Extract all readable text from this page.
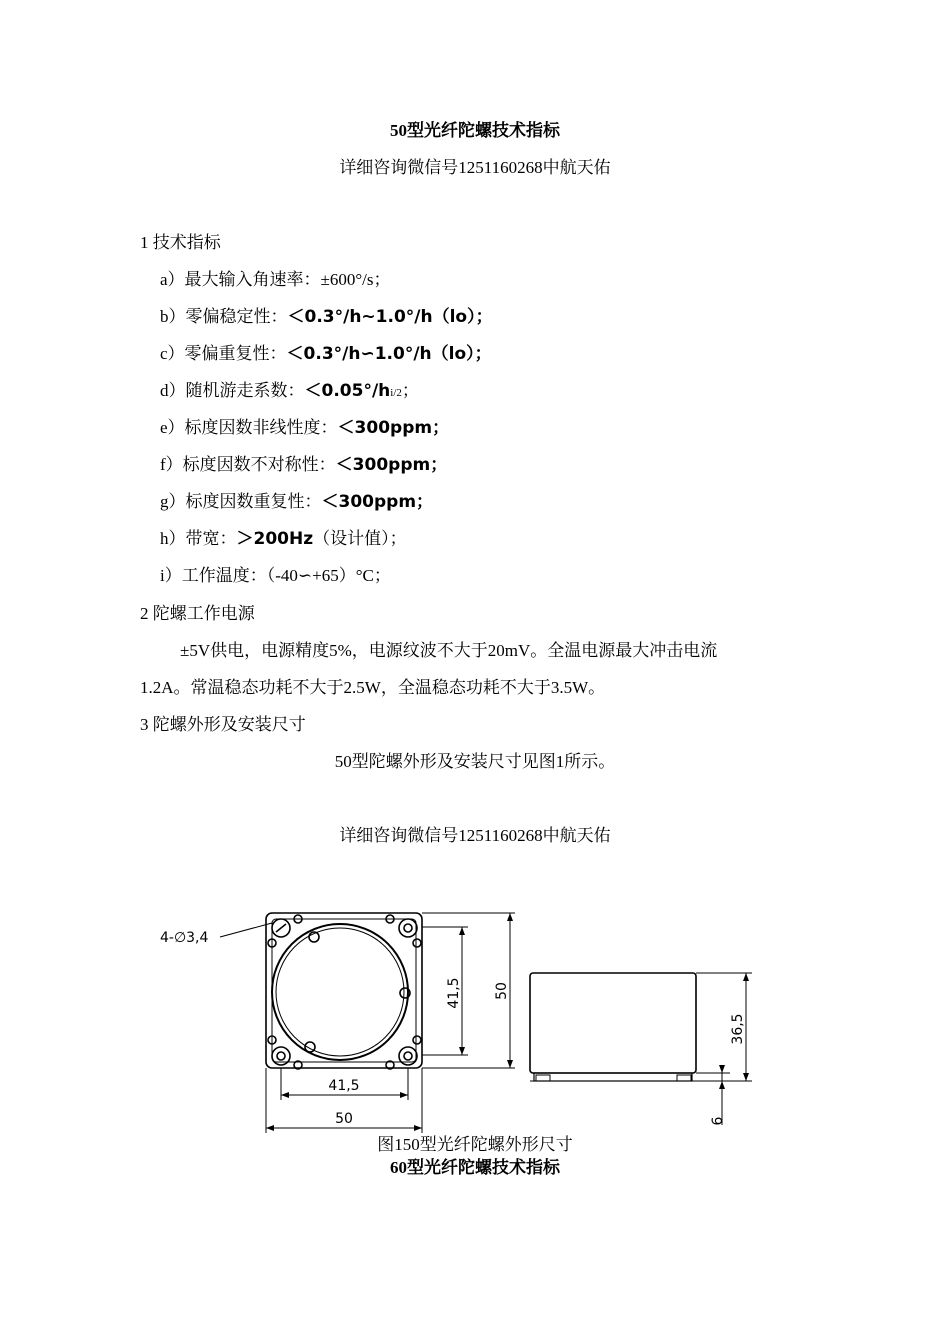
50型光纤陀螺技术指标
详细咨询微信号1251160268中航天佑
1 技术指标
a）最大输入角速率：±600°/s；
b）零偏稳定性：＜0.3°/h~1.0°/h（lo）；
c）零偏重复性：＜0.3°/h∽1.0°/h（lo）；
d）随机游走系数：＜0.05°/hi/2；
e）标度因数非线性度：＜300ppm；
f）标度因数不对称性：＜300ppm；
g）标度因数重复性：＜300ppm；
h）带宽：＞200Hz（设计值）；
i）工作温度：（-40∽+65）°C；
2 陀螺工作电源
±5V供电，电源精度5%，电源纹波不大于20mV。全温电源最大冲击电流
1.2A。常温稳态功耗不大于2.5W，全温稳态功耗不大于3.5W。
3 陀螺外形及安装尺寸
50型陀螺外形及安装尺寸见图1所示。
详细咨询微信号1251160268中航天佑
4-∅3,4
41,5 50
41,5
50
36,5
6
图150型光纤陀螺外形尺寸
60型光纤陀螺技术指标
